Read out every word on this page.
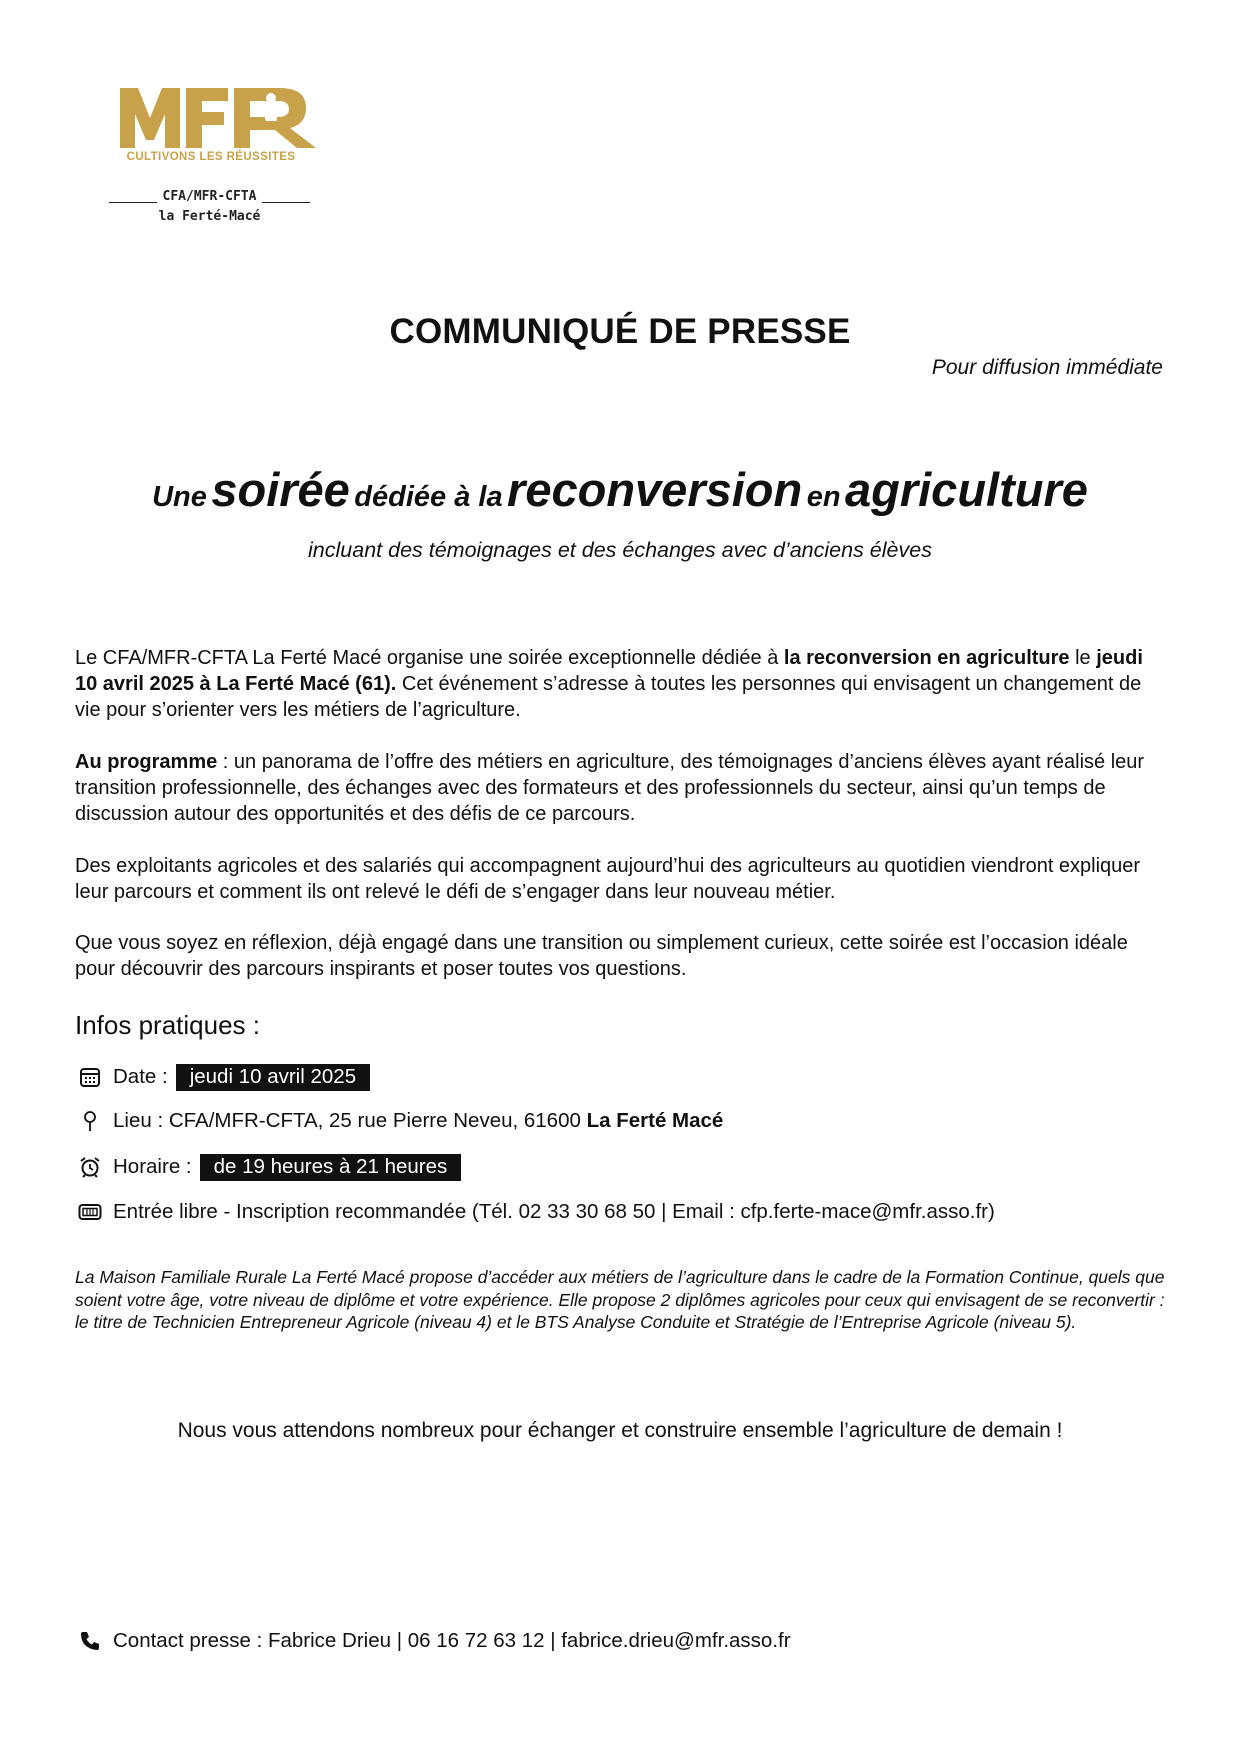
CULTIVONS LES RÉUSSITES
CFA/MFR-CFTA
la Ferté-Macé
COMMUNIQUÉ DE PRESSE
Pour diffusion immédiate
Une soirée dédiée à la reconversion en agriculture
incluant des témoignages et des échanges avec d’anciens élèves
Le CFA/MFR-CFTA La Ferté Macé organise une soirée exceptionnelle dédiée à la reconversion en agriculture le jeudi 10 avril 2025 à La Ferté Macé (61). Cet événement s’adresse à toutes les personnes qui envisagent un changement de vie pour s’orienter vers les métiers de l’agriculture.
Au programme : un panorama de l’offre des métiers en agriculture, des témoignages d’anciens élèves ayant réalisé leur transition professionnelle, des échanges avec des formateurs et des professionnels du secteur, ainsi qu’un temps de discussion autour des opportunités et des défis de ce parcours.
Des exploitants agricoles et des salariés qui accompagnent aujourd’hui des agriculteurs au quotidien viendront expliquer leur parcours et comment ils ont relevé le défi de s’engager dans leur nouveau métier.
Que vous soyez en réflexion, déjà engagé dans une transition ou simplement curieux, cette soirée est l’occasion idéale pour découvrir des parcours inspirants et poser toutes vos questions.
Infos pratiques :
Date :	jeudi 10 avril 2025
Lieu : CFA/MFR-CFTA, 25 rue Pierre Neveu, 61600 La Ferté Macé
Horaire :	de 19 heures à 21 heures
Entrée libre - Inscription recommandée (Tél. 02 33 30 68 50 | Email : cfp.ferte-mace@mfr.asso.fr)
La Maison Familiale Rurale La Ferté Macé propose d’accéder aux métiers de l’agriculture dans le cadre de la Formation Continue, quels que soient votre âge, votre niveau de diplôme et votre expérience. Elle propose 2 diplômes agricoles pour ceux qui envisagent de se reconvertir : le titre de Technicien Entrepreneur Agricole (niveau 4) et le BTS Analyse Conduite et Stratégie de l’Entreprise Agricole (niveau 5).
Nous vous attendons nombreux pour échanger et construire ensemble l’agriculture de demain !
Contact presse : Fabrice Drieu | 06 16 72 63 12 | fabrice.drieu@mfr.asso.fr
